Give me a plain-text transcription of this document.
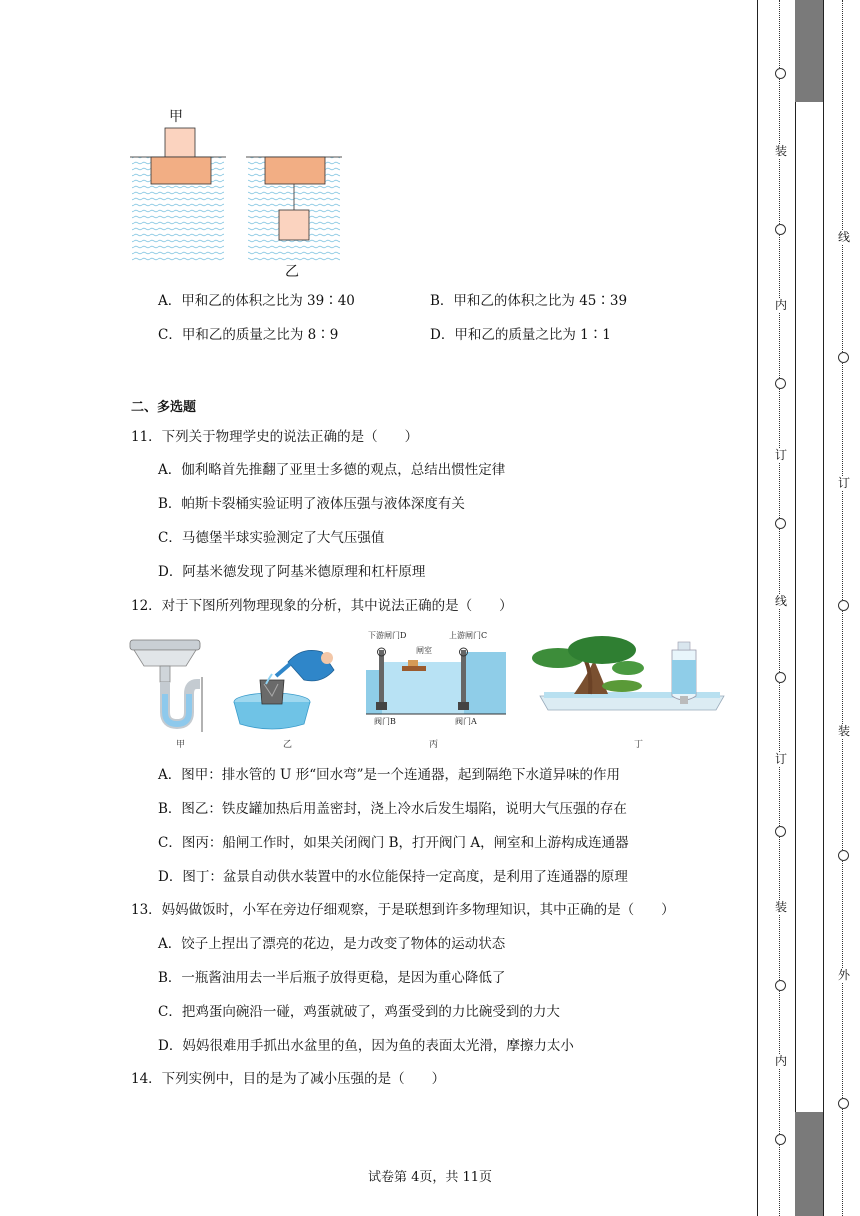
甲
乙
A．甲和乙的体积之比为 39∶40	B．甲和乙的体积之比为 45∶39
C．甲和乙的质量之比为 8∶9	D．甲和乙的质量之比为 1∶1
二、多选题
11．下列关于物理学史的说法正确的是（　　）
A．伽利略首先推翻了亚里士多德的观点，总结出惯性定律
B．帕斯卡裂桶实验证明了液体压强与液体深度有关
C．马德堡半球实验测定了大气压强值
D．阿基米德发现了阿基米德原理和杠杆原理
12．对于下图所列物理现象的分析，其中说法正确的是（　　）
下游闸门D	上游闸门C
闸室
阀门B	阀门A
甲	乙	丙	丁
A．图甲：排水管的 U 形“回水弯”是一个连通器，起到隔绝下水道异味的作用
B．图乙：铁皮罐加热后用盖密封，浇上冷水后发生塌陷，说明大气压强的存在
C．图丙：船闸工作时，如果关闭阀门 B，打开阀门 A，闸室和上游构成连通器
D．图丁：盆景自动供水装置中的水位能保持一定高度，是利用了连通器的原理
13．妈妈做饭时，小军在旁边仔细观察，于是联想到许多物理知识，其中正确的是（　　）
A．饺子上捏出了漂亮的花边，是力改变了物体的运动状态
B．一瓶酱油用去一半后瓶子放得更稳，是因为重心降低了
C．把鸡蛋向碗沿一碰，鸡蛋就破了，鸡蛋受到的力比碗受到的力大
D．妈妈很难用手抓出水盆里的鱼，因为鱼的表面太光滑，摩擦力太小
14．下列实例中，目的是为了减小压强的是（　　）
试卷第 4页，共 11页
装
内
订
线
订
装
内
线
订
装
外
